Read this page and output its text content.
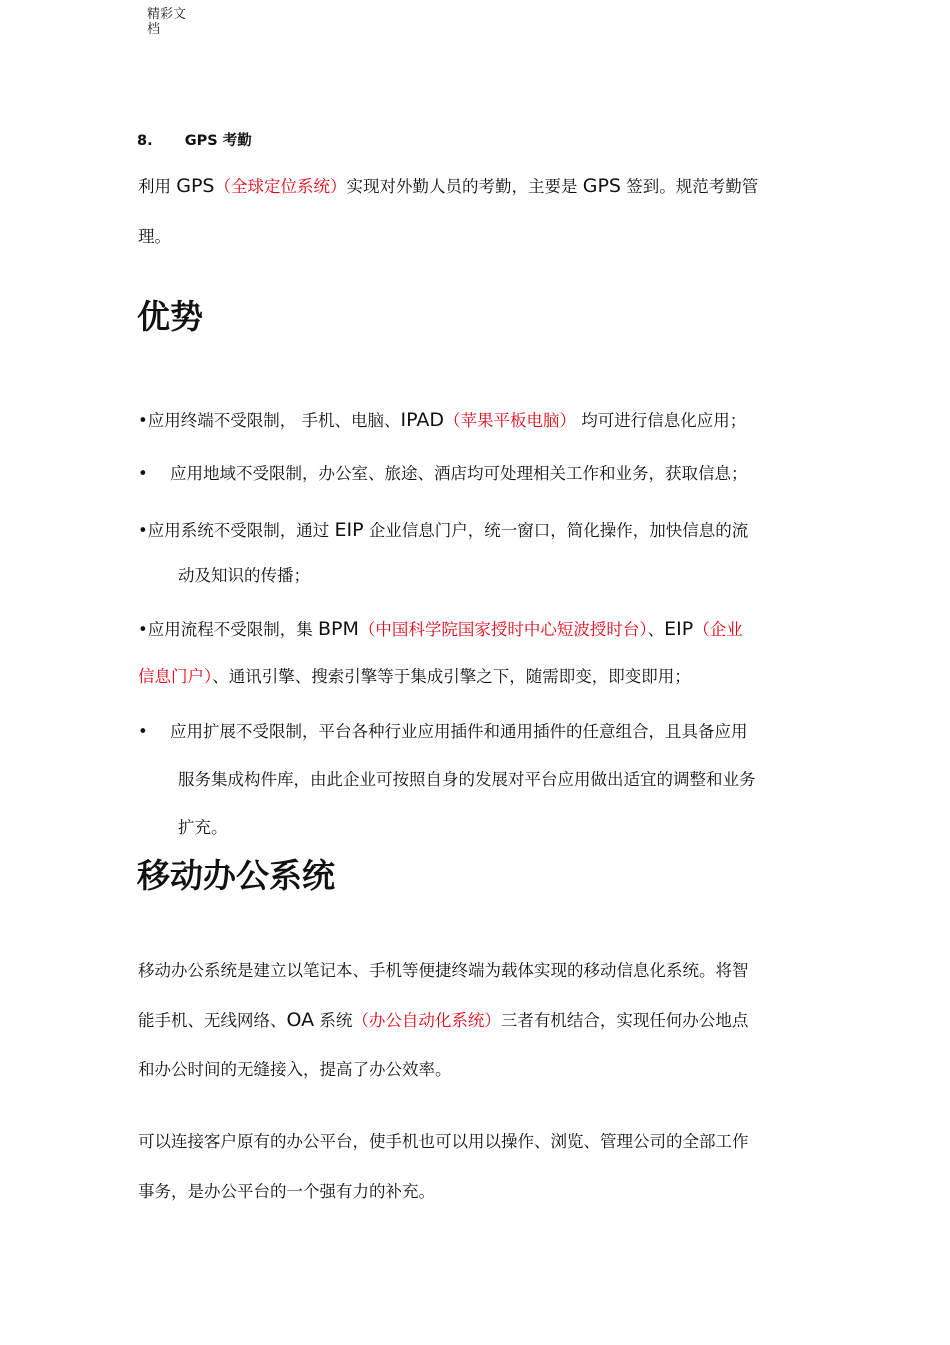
精彩文
档
8. GPS 考勤
利用 GPS（全球定位系统）实现对外勤人员的考勤，主要是 GPS 签到。规范考勤管
理。
优势
•应用终端不受限制， 手机、电脑、IPAD（苹果平板电脑） 均可进行信息化应用；
• 应用地域不受限制，办公室、旅途、酒店均可处理相关工作和业务，获取信息；
•应用系统不受限制，通过 EIP 企业信息门户，统一窗口，简化操作，加快信息的流
动及知识的传播；
•应用流程不受限制，集 BPM（中国科学院国家授时中心短波授时台）、EIP（企业
信息门户）、通讯引擎、搜索引擎等于集成引擎之下，随需即变，即变即用；
• 应用扩展不受限制，平台各种行业应用插件和通用插件的任意组合，且具备应用
服务集成构件库，由此企业可按照自身的发展对平台应用做出适宜的调整和业务
扩充。
移动办公系统
移动办公系统是建立以笔记本、手机等便捷终端为载体实现的移动信息化系统。将智
能手机、无线网络、OA 系统（办公自动化系统）三者有机结合，实现任何办公地点
和办公时间的无缝接入，提高了办公效率。
可以连接客户原有的办公平台，使手机也可以用以操作、浏览、管理公司的全部工作
事务，是办公平台的一个强有力的补充。
